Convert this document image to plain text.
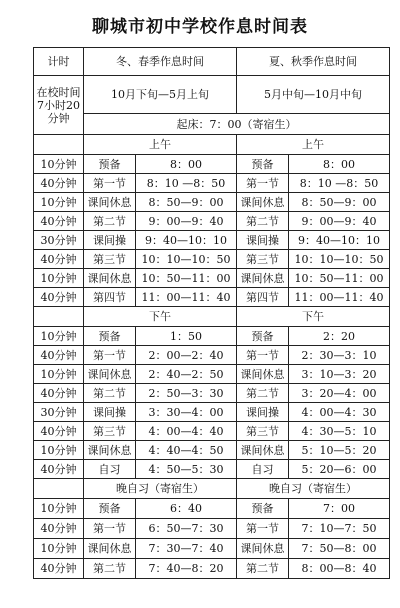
聊城市初中学校作息时间表
计时	冬、春季作息时间		夏、秋季作息时间	
在校时间7小时20分钟	10月下旬—5月上旬		5月中旬—10月中旬	
	起床：7：00（寄宿生）			
	上午		上午	
10分钟	预备	8：00	预备	8：00
40分钟	第一节	8：10 —8：50	第一节	8：10 —8：50
10分钟	课间休息	8：50—9：00	课间休息	8：50—9：00
40分钟	第二节	9：00—9：40	第二节	9：00—9：40
30分钟	课间操	9：40—10：10	课间操	9：40—10：10
40分钟	第三节	10：10—10：50	第三节	10：10—10：50
10分钟	课间休息	10：50—11：00	课间休息	10：50—11：00
40分钟	第四节	11：00—11：40	第四节	11：00—11：40
	下午		下午	
10分钟	预备	1：50	预备	2：20
40分钟	第一节	2：00—2：40	第一节	2：30—3：10
10分钟	课间休息	2：40—2：50	课间休息	3：10—3：20
40分钟	第二节	2：50—3：30	第二节	3：20—4：00
30分钟	课间操	3：30—4：00	课间操	4：00—4：30
40分钟	第三节	4：00—4：40	第三节	4：30—5：10
10分钟	课间休息	4：40—4：50	课间休息	5：10—5：20
40分钟	自习	4：50—5：30	自习	5：20—6：00
	晚自习（寄宿生）		晚自习（寄宿生）	
10分钟	预备	6：40	预备	7：00
40分钟	第一节	6：50—7：30	第一节	7：10—7：50
10分钟	课间休息	7：30—7：40	课间休息	7：50—8：00
40分钟	第二节	7：40—8：20	第二节	8：00—8：40
